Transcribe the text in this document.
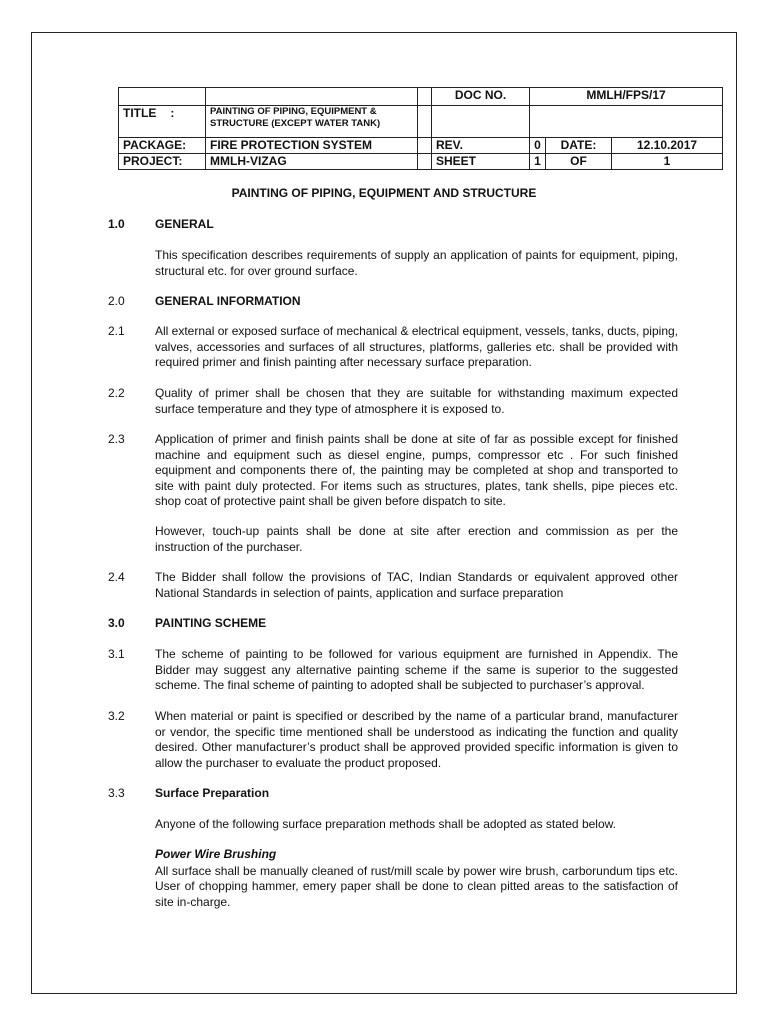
			DOC NO.	MMLH/FPS/17		
TITLE :	PAINTING OF PIPING, EQUIPMENT & STRUCTURE (EXCEPT WATER TANK)					
PACKAGE:	FIRE PROTECTION SYSTEM		REV.	0	DATE:	12.10.2017
PROJECT:	MMLH-VIZAG		SHEET	1	OF	1
PAINTING OF PIPING, EQUIPMENT AND STRUCTURE
1.0	GENERAL
This specification describes requirements of supply an application of paints for equipment, piping, structural etc. for over ground surface.
2.0	GENERAL INFORMATION
2.1	All external or exposed surface of mechanical & electrical equipment, vessels, tanks, ducts, piping, valves, accessories and surfaces of all structures, platforms, galleries etc. shall be provided with required primer and finish painting after necessary surface preparation.
2.2	Quality of primer shall be chosen that they are suitable for withstanding maximum expected surface temperature and they type of atmosphere it is exposed to.
2.3	Application of primer and finish paints shall be done at site of far as possible except for finished machine and equipment such as diesel engine, pumps, compressor etc . For such finished equipment and components there of, the painting may be completed at shop and transported to site with paint duly protected. For items such as structures, plates, tank shells, pipe pieces etc. shop coat of protective paint shall be given before dispatch to site.
However, touch-up paints shall be done at site after erection and commission as per the instruction of the purchaser.
2.4	The Bidder shall follow the provisions of TAC, Indian Standards or equivalent approved other National Standards in selection of paints, application and surface preparation
3.0	PAINTING SCHEME
3.1	The scheme of painting to be followed for various equipment are furnished in Appendix. The Bidder may suggest any alternative painting scheme if the same is superior to the suggested scheme. The final scheme of painting to adopted shall be subjected to purchaser’s approval.
3.2	When material or paint is specified or described by the name of a particular brand, manufacturer or vendor, the specific time mentioned shall be understood as indicating the function and quality desired. Other manufacturer’s product shall be approved provided specific information is given to allow the purchaser to evaluate the product proposed.
3.3	Surface Preparation
Anyone of the following surface preparation methods shall be adopted as stated below.
Power Wire Brushing
All surface shall be manually cleaned of rust/mill scale by power wire brush, carborundum tips etc. User of chopping hammer, emery paper shall be done to clean pitted areas to the satisfaction of site in-charge.
